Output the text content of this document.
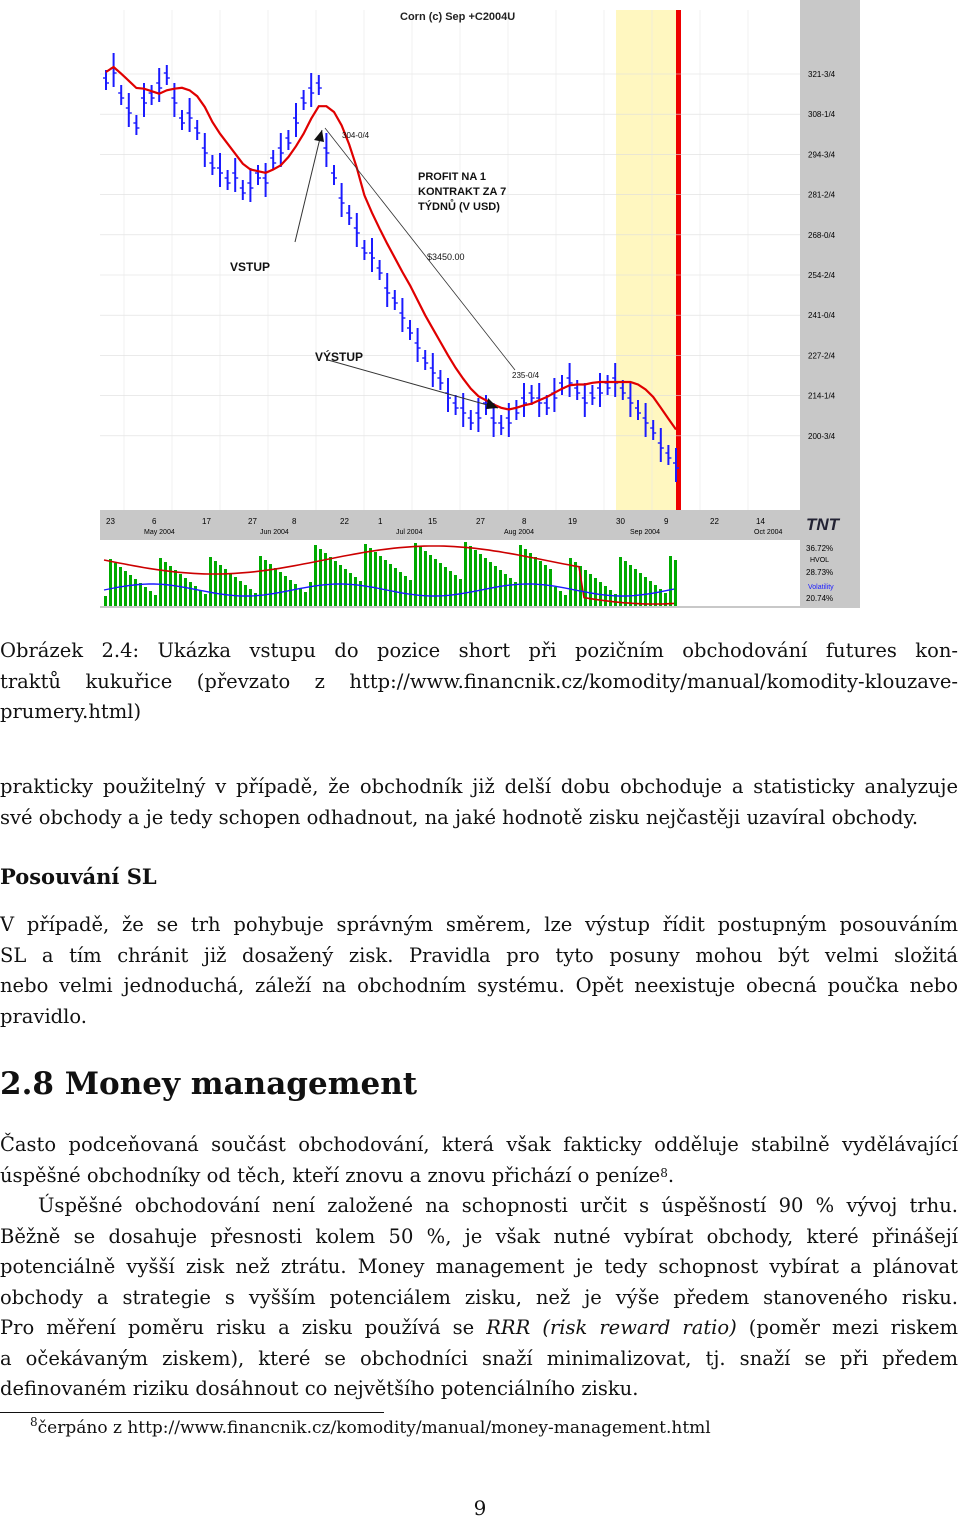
Corn (c) Sep +C2004U
VSTUP
VÝSTUP
PROFIT NA 1
KONTRAKT ZA 7
TÝDNŮ (V USD)
$3450.00
304-0/4
235-0/4
321-3/4
308-1/4
294-3/4
281-2/4
268-0/4
254-2/4
241-0/4
227-2/4
214-1/4
200-3/4
23	6	17	27	8	22	1	15	27	8	19	30	9	22	14
May 2004	Jun 2004	Jul 2004	Aug 2004	Sep 2004	Oct 2004 TNT
36.72%
HVOL
28.73%
Volatility
20.74%
Obrázek 2.4: Ukázka vstupu do pozice short při pozičním obchodování futures kon-
traktů kukuřice (převzato z http://www.financnik.cz/komodity/manual/komodity-klouzave-
prumery.html)
prakticky použitelný v případě, že obchodník již delší dobu obchoduje a statisticky analyzuje
své obchody a je tedy schopen odhadnout, na jaké hodnotě zisku nejčastěji uzavíral obchody.
Posouvání SL
V případě, že se trh pohybuje správným směrem, lze výstup řídit postupným posouváním
SL a tím chránit již dosažený zisk. Pravidla pro tyto posuny mohou být velmi složitá
nebo velmi jednoduchá, záleží na obchodním systému. Opět neexistuje obecná poučka nebo
pravidlo.
2.8 Money management
Často podceňovaná součást obchodování, která však fakticky odděluje stabilně vydělávající
úspěšné obchodníky od těch, kteří znovu a znovu přichází o peníze$^8$.
Úspěšné obchodování není založené na schopnosti určit s úspěšností 90 % vývoj trhu.
Běžně se dosahuje přesnosti kolem 50 %, je však nutné vybírat obchody, které přinášejí
potenciálně vyšší zisk než ztrátu. Money management je tedy schopnost vybírat a plánovat
obchody a strategie s vyšším potenciálem zisku, než je výše předem stanoveného risku.
Pro měření poměru risku a zisku používá se RRR (risk reward ratio) (poměr mezi riskem
a očekávaným ziskem), které se obchodníci snaží minimalizovat, tj. snaží se při předem
definovaném riziku dosáhnout co největšího potenciálního zisku.
$^8$čerpáno z http://www.financnik.cz/komodity/manual/money-management.html
9
